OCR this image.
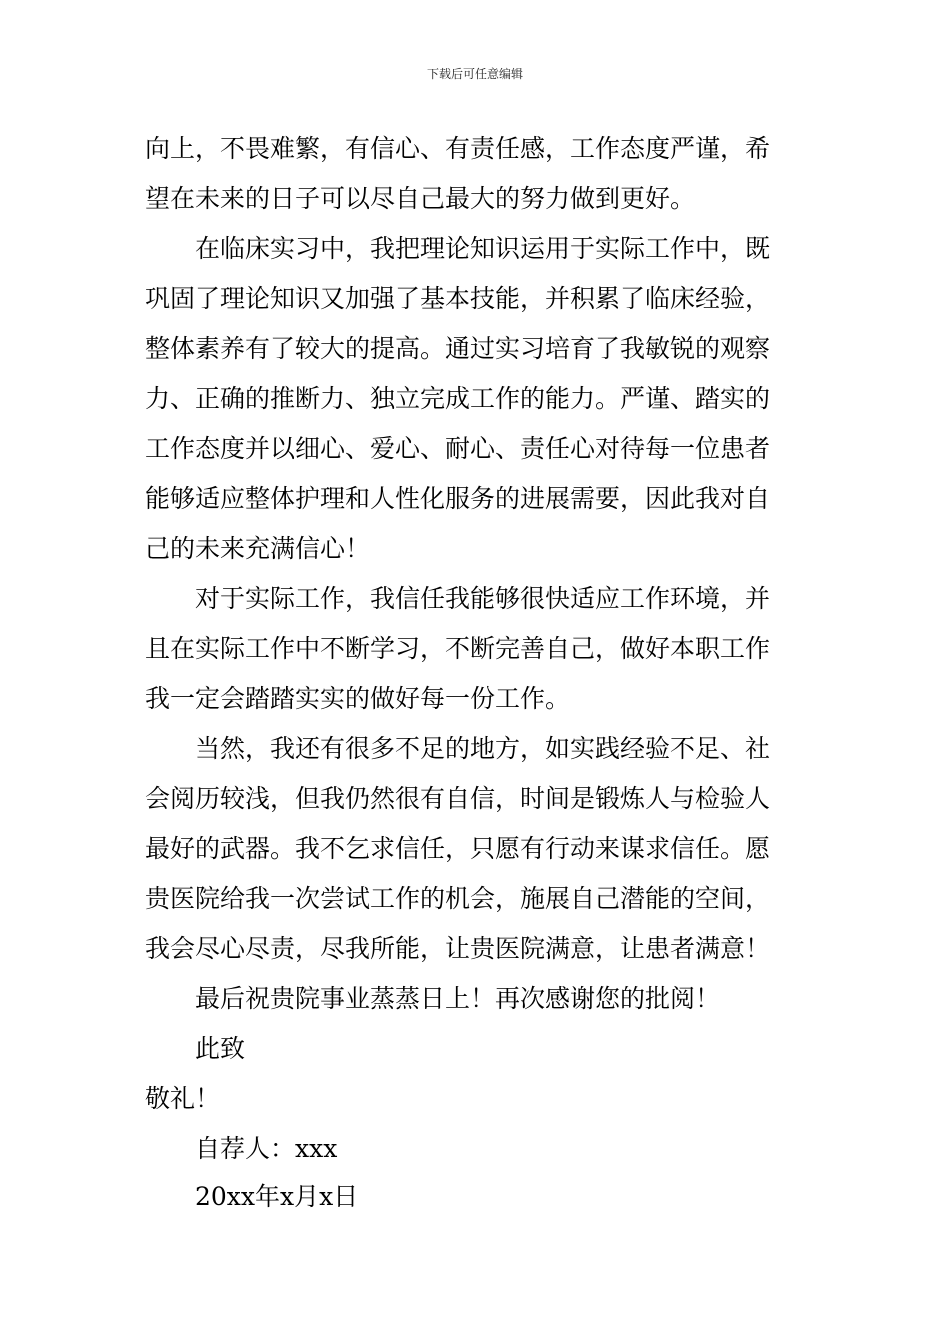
下载后可任意编辑
向上，不畏难繁，有信心、有责任感，工作态度严谨，希
望在未来的日子可以尽自己最大的努力做到更好。
在临床实习中，我把理论知识运用于实际工作中，既
巩固了理论知识又加强了基本技能，并积累了临床经验，
整体素养有了较大的提高。通过实习培育了我敏锐的观察
力、正确的推断力、独立完成工作的能力。严谨、踏实的
工作态度并以细心、爱心、耐心、责任心对待每一位患者
能够适应整体护理和人性化服务的进展需要，因此我对自
己的未来充满信心！
对于实际工作，我信任我能够很快适应工作环境，并
且在实际工作中不断学习，不断完善自己，做好本职工作
我一定会踏踏实实的做好每一份工作。
当然，我还有很多不足的地方，如实践经验不足、社
会阅历较浅，但我仍然很有自信，时间是锻炼人与检验人
最好的武器。我不乞求信任，只愿有行动来谋求信任。愿
贵医院给我一次尝试工作的机会，施展自己潜能的空间，
我会尽心尽责，尽我所能，让贵医院满意，让患者满意！
最后祝贵院事业蒸蒸日上！再次感谢您的批阅！
此致
敬礼！
自荐人：xxx
20xx年x月x日
